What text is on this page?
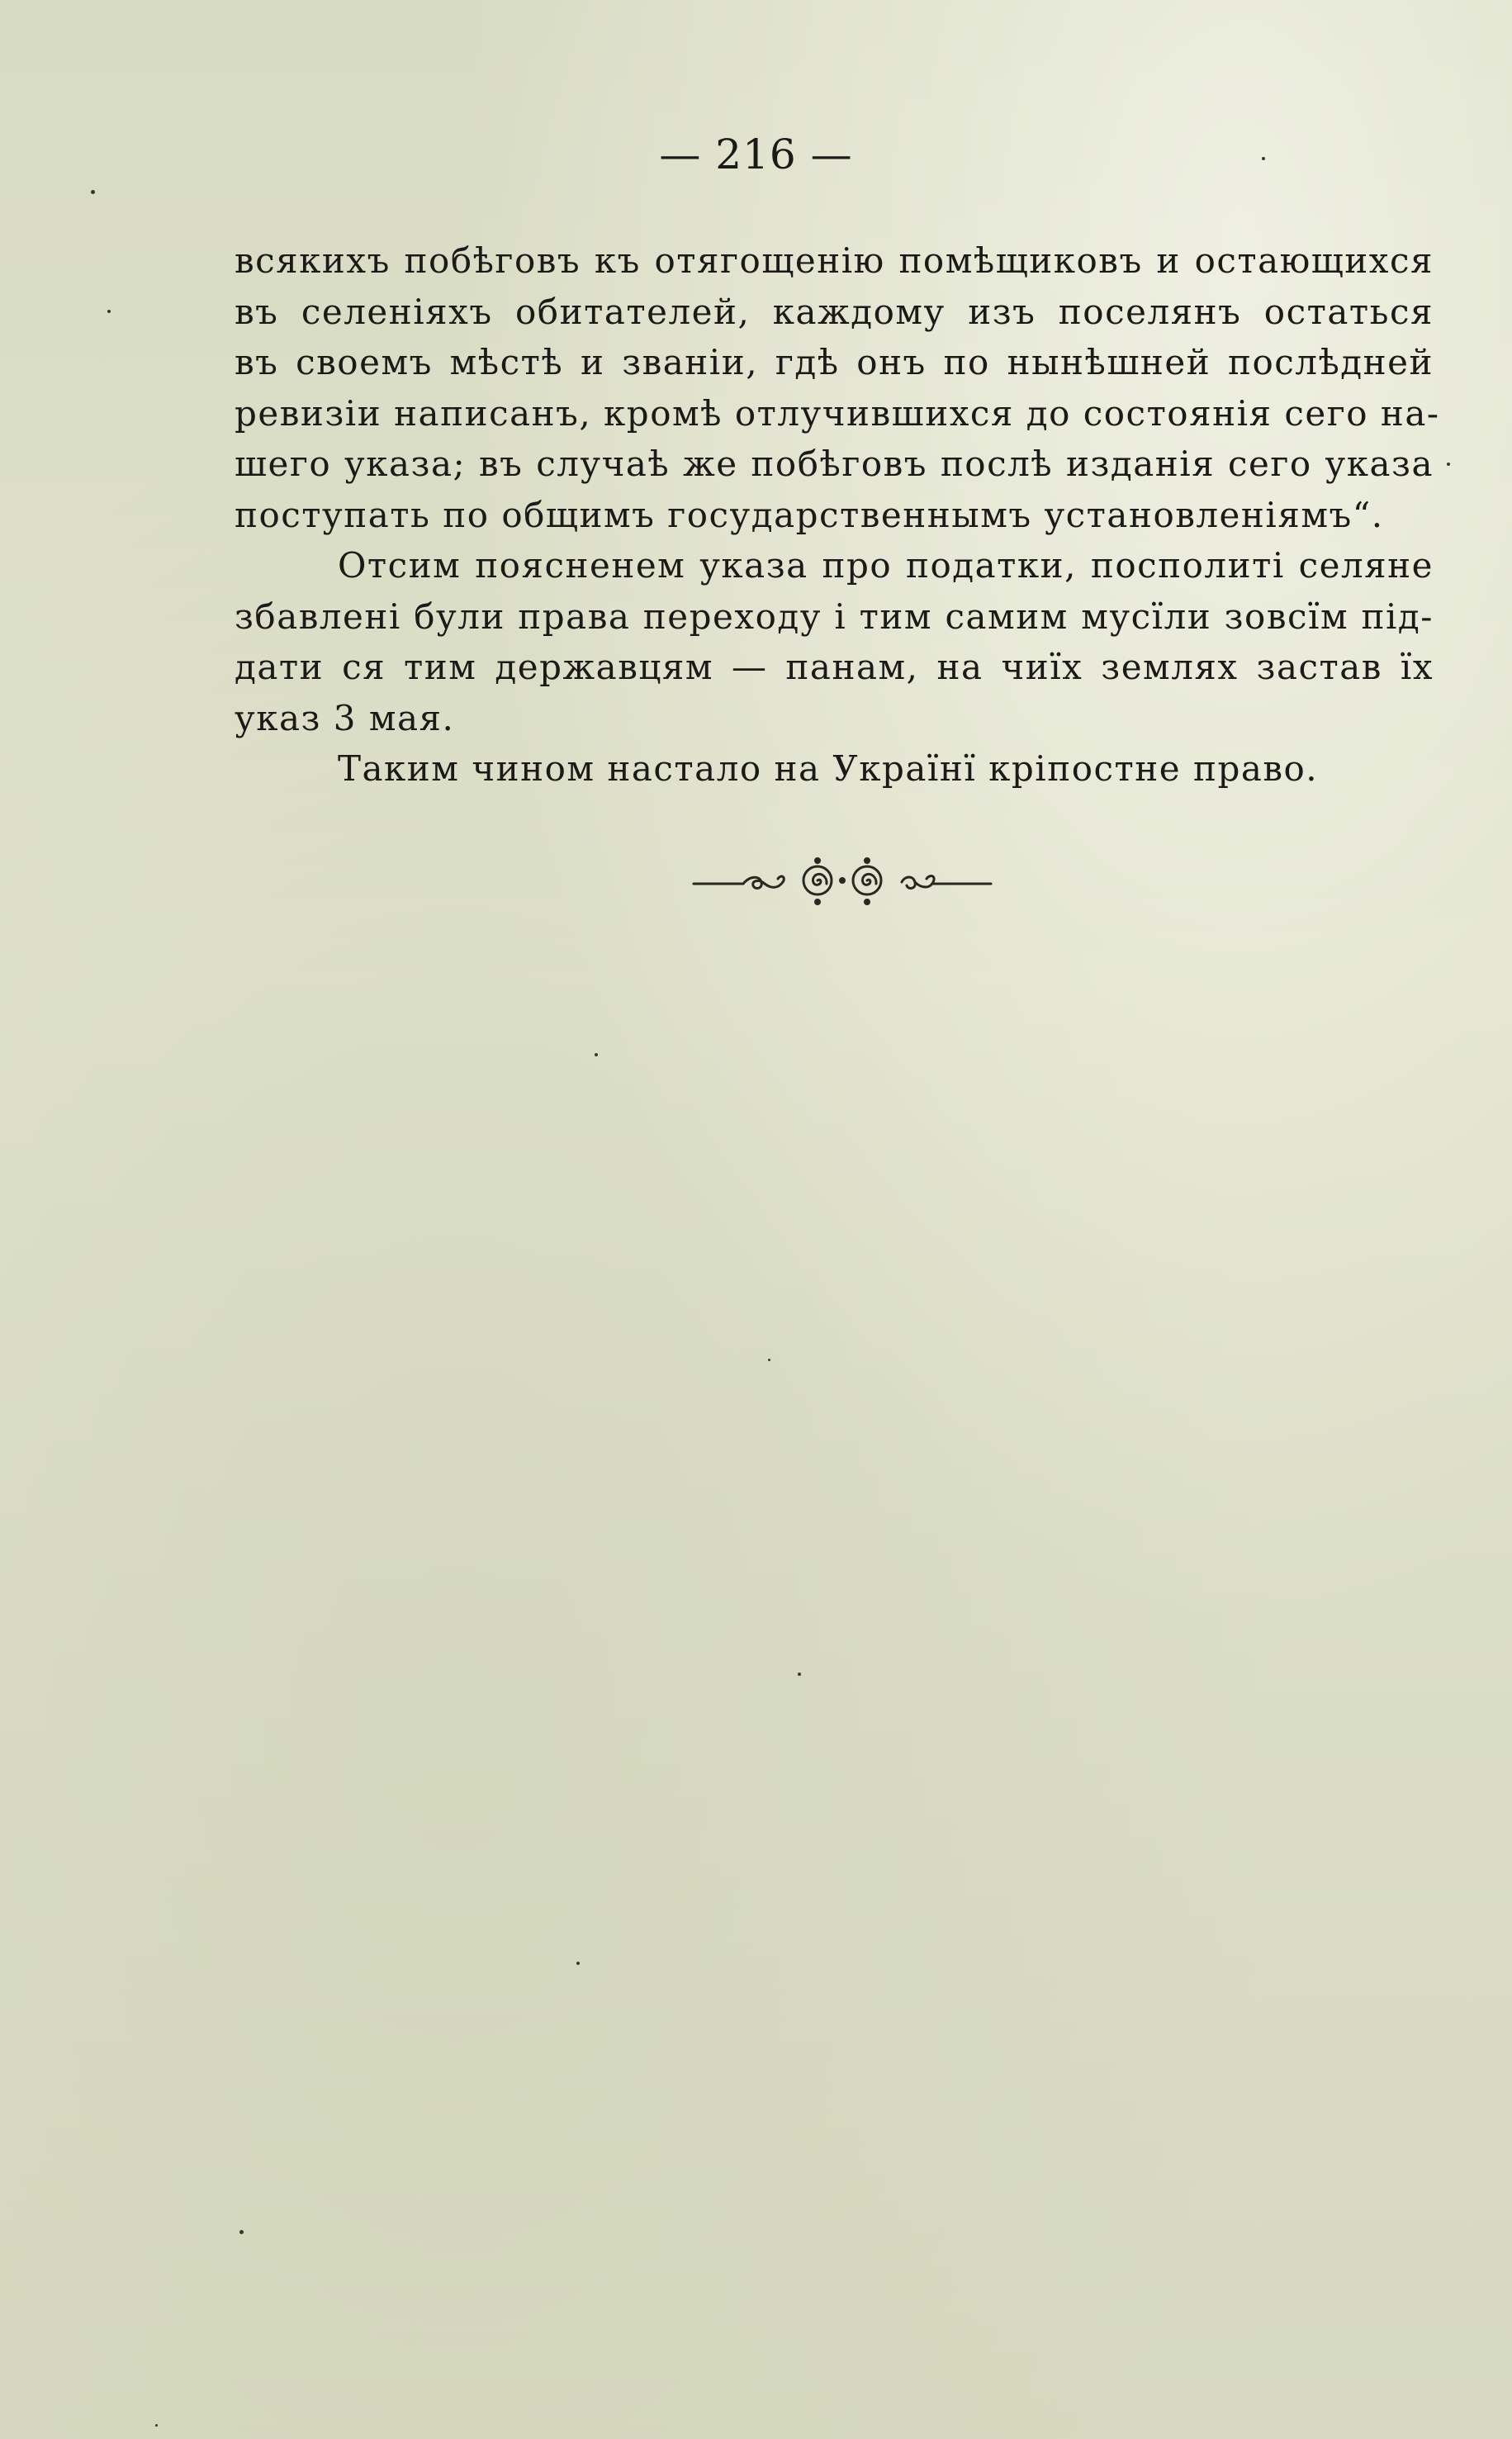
— 216 —
всякихъ побѣговъ къ отягощенію помѣщиковъ и остающихся
въ селеніяхъ обитателей, каждому изъ поселянъ остаться
въ своемъ мѣстѣ и званіи, гдѣ онъ по нынѣшней послѣдней
ревизіи написанъ, кромѣ отлучившихся до состоянія сего на-
шего указа; въ случаѣ же побѣговъ послѣ изданія сего указа
поступать по общимъ государственнымъ установленіямъ“.
Отсим поясненем указа про податки, посполиті селяне
збавлені були права переходу і тим самим мусїли зовсїм під-
дати ся тим державцям — панам, на чиїх землях застав їх
указ 3 мая.
Таким чином настало на Українї кріпостне право.
